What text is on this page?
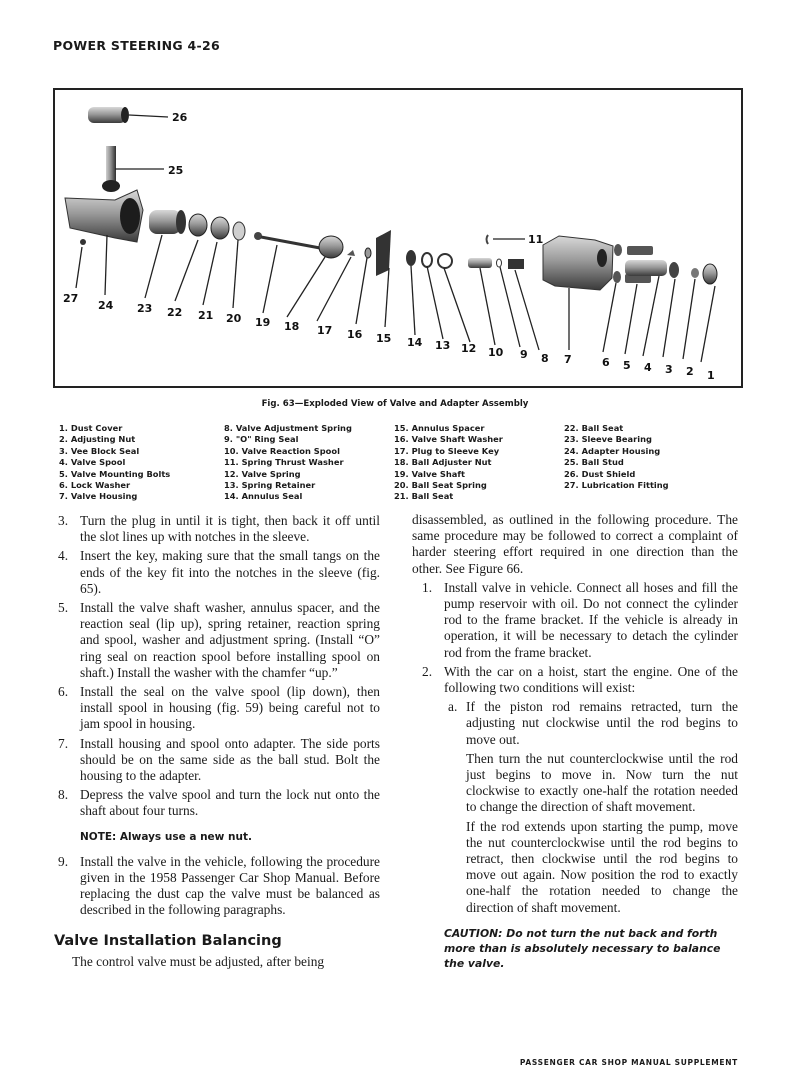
POWER STEERING 4-26
1
2
3
4
5
6
7
8
9
10
11
12
13
14
15
16
17
18
19
20
21
22
23
24
25
26
27
Fig. 63—Exploded View of Valve and Adapter Assembly
1. Dust Cover
2. Adjusting Nut
3. Vee Block Seal
4. Valve Spool
5. Valve Mounting Bolts
6. Lock Washer
7. Valve Housing
8. Valve Adjustment Spring
9. "O" Ring Seal
10. Valve Reaction Spool
11. Spring Thrust Washer
12. Valve Spring
13. Spring Retainer
14. Annulus Seal
15. Annulus Spacer
16. Valve Shaft Washer
17. Plug to Sleeve Key
18. Ball Adjuster Nut
19. Valve Shaft
20. Ball Seat Spring
21. Ball Seat
22. Ball Seat
23. Sleeve Bearing
24. Adapter Housing
25. Ball Stud
26. Dust Shield
27. Lubrication Fitting
3. Turn the plug in until it is tight, then back it off until the slot lines up with notches in the sleeve.
4. Insert the key, making sure that the small tangs on the ends of the key fit into the notches in the sleeve (fig. 65).
5. Install the valve shaft washer, annulus spacer, and the reaction seal (lip up), spring retainer, reaction spring and spool, washer and adjustment spring. (Install “O” ring seal on reaction spool before installing spool on shaft.) Install the washer with the chamfer “up.”
6. Install the seal on the valve spool (lip down), then install spool in housing (fig. 59) being careful not to jam spool in housing.
7. Install housing and spool onto adapter. The side ports should be on the same side as the ball stud. Bolt the housing to the adapter.
8. Depress the valve spool and turn the lock nut onto the shaft about four turns.
NOTE: Always use a new nut.
9. Install the valve in the vehicle, following the procedure given in the 1958 Passenger Car Shop Manual. Before replacing the dust cap the valve must be balanced as described in the following paragraphs.
Valve Installation Balancing
The control valve must be adjusted, after being
disassembled, as outlined in the following procedure. The same procedure may be followed to correct a complaint of harder steering effort required in one direction than the other. See Figure 66.
1. Install valve in vehicle. Connect all hoses and fill the pump reservoir with oil. Do not connect the cylinder rod to the frame bracket. If the vehicle is already in operation, it will be necessary to detach the cylinder rod from the frame bracket.
2. With the car on a hoist, start the engine. One of the following two conditions will exist:
a. If the piston rod remains retracted, turn the adjusting nut clockwise until the rod begins to move out.
Then turn the nut counterclockwise until the rod just begins to move in. Now turn the nut clockwise to exactly one-half the rotation needed to change the direction of shaft movement.
If the rod extends upon starting the pump, move the nut counterclockwise until the rod begins to retract, then clockwise until the rod begins to move out again. Now position the rod to exactly one-half the rotation needed to change the direction of shaft movement.
CAUTION: Do not turn the nut back and forth more than is absolutely necessary to balance the valve.
PASSENGER CAR SHOP MANUAL SUPPLEMENT
